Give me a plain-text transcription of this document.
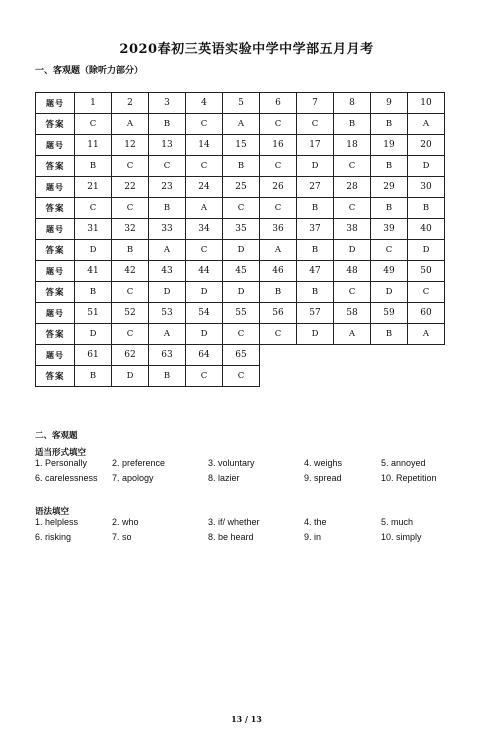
2020春初三英语实验中学中学部五月月考
一、客观题（除听力部分）
题号	1	2	3	4	5	6	7	8	9	10
答案	C	A	B	C	A	C	C	B	B	A
题号	11	12	13	14	15	16	17	18	19	20
答案	B	C	C	C	B	C	D	C	B	D
题号	21	22	23	24	25	26	27	28	29	30
答案	C	C	B	A	C	C	B	C	B	B
题号	31	32	33	34	35	36	37	38	39	40
答案	D	B	A	C	D	A	B	D	C	D
题号	41	42	43	44	45	46	47	48	49	50
答案	B	C	D	D	D	B	B	C	D	C
题号	51	52	53	54	55	56	57	58	59	60
答案	D	C	A	D	C	C	D	A	B	A
题号	61	62	63	64	65					
答案	B	D	B	C	C					
二、客观题
适当形式填空
1. Personally	2. preference	3. voluntary	4. weighs	5. annoyed
6. carelessness 7. apology	8. lazier	9. spread	10. Repetition
语法填空
1. helpless	2. who	3. if/ whether	4. the	5. much
6. risking	7. so	8. be heard	9. in	10. simply
13 / 13
